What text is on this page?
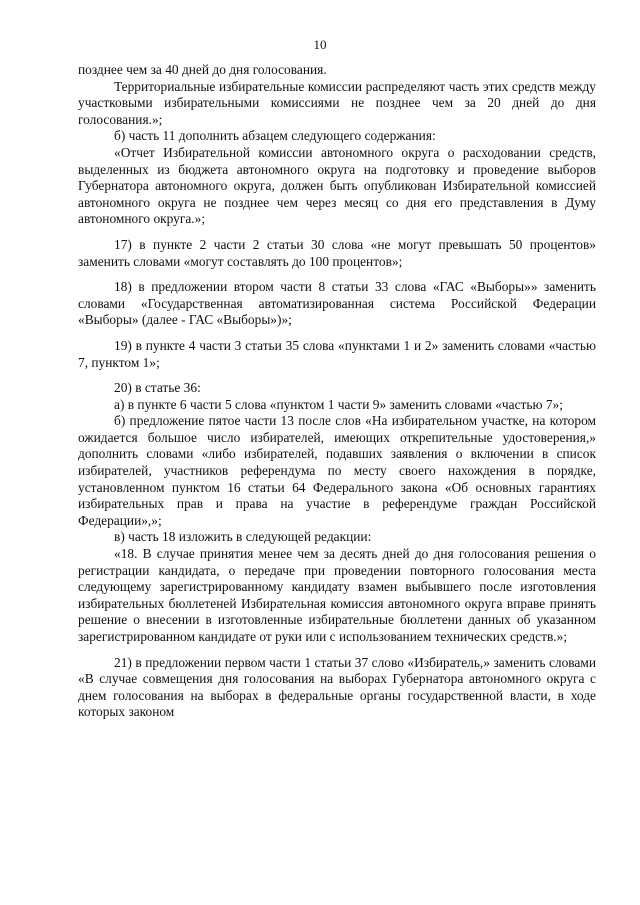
10

позднее чем за 40 дней до дня голосования.

Территориальные избирательные комиссии распределяют часть этих средств между участковыми избирательными комиссиями не позднее чем за 20 дней до дня голосования.»;

б) часть 11 дополнить абзацем следующего содержания:

«Отчет Избирательной комиссии автономного округа о расходовании средств, выделенных из бюджета автономного округа на подготовку и проведение выборов Губернатора автономного округа, должен быть опубликован Избирательной комиссией автономного округа не позднее чем через месяц со дня его представления в Думу автономного округа.»;

17) в пункте 2 части 2 статьи 30 слова «не могут превышать 50 процентов» заменить словами «могут составлять до 100 процентов»;

18) в предложении втором части 8 статьи 33 слова «ГАС «Выборы»» заменить словами «Государственная автоматизированная система Российской Федерации «Выборы» (далее - ГАС «Выборы»)»;

19) в пункте 4 части 3 статьи 35 слова «пунктами 1 и 2» заменить словами «частью 7, пунктом 1»;

20) в статье 36:

а) в пункте 6 части 5 слова «пунктом 1 части 9» заменить словами «частью 7»;

б) предложение пятое части 13 после слов «На избирательном участке, на котором ожидается большое число избирателей, имеющих открепительные удостоверения,» дополнить словами «либо избирателей, подавших заявления о включении в список избирателей, участников референдума по месту своего нахождения в порядке, установленном пунктом 16 статьи 64 Федерального закона «Об основных гарантиях избирательных прав и права на участие в референдуме граждан Российской Федерации»,»;

в) часть 18 изложить в следующей редакции:

«18. В случае принятия менее чем за десять дней до дня голосования решения о регистрации кандидата, о передаче при проведении повторного голосования места следующему зарегистрированному кандидату взамен выбывшего после изготовления избирательных бюллетеней Избирательная комиссия автономного округа вправе принять решение о внесении в изготовленные избирательные бюллетени данных об указанном зарегистрированном кандидате от руки или с использованием технических средств.»;

21) в предложении первом части 1 статьи 37 слово «Избиратель,» заменить словами «В случае совмещения дня голосования на выборах Губернатора автономного округа с днем голосования на выборах в федеральные органы государственной власти, в ходе которых законом
